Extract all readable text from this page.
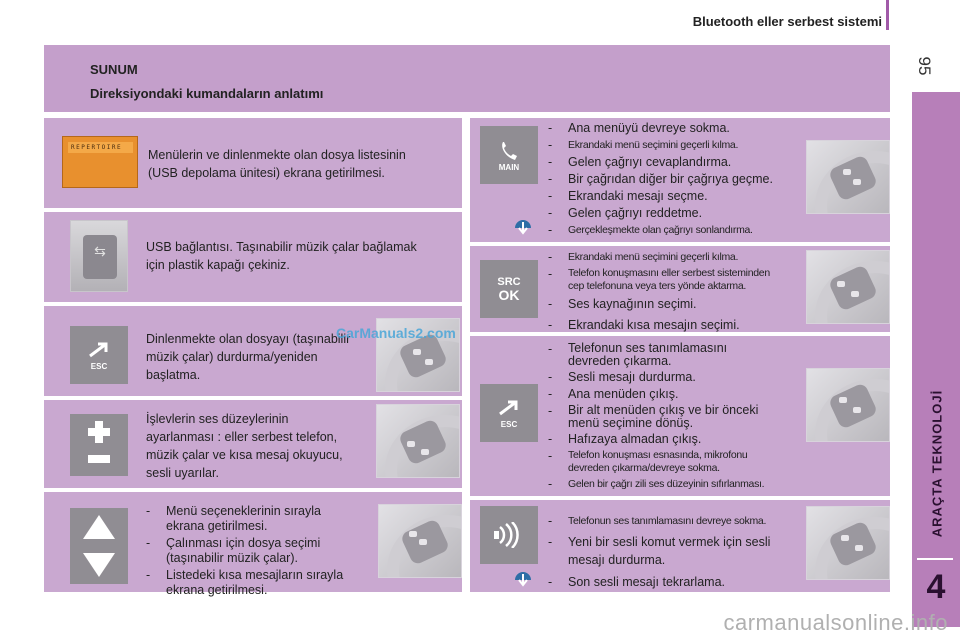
Bluetooth eller serbest sistemi
95
ARAÇTA TEKNOLOJİ
4
SUNUM
Direksiyondaki kumandaların anlatımı
REPERTOIRE
Menülerin ve dinlenmekte olan dosya listesinin
(USB depolama ünitesi) ekrana getirilmesi.
⇆	USB bağlantısı. Taşınabilir müzik çalar bağlamak
için plastik kapağı çekiniz.
ESC
Dinlenmekte olan dosyayı (taşınabilir
müzik çalar) durdurma/yeniden
başlatma.
İşlevlerin ses düzeylerinin
ayarlanması : eller serbest telefon,
müzik çalar ve kısa mesaj okuyucu,
sesli uyarılar.
-	Menü seçeneklerinin sırayla
ekrana getirilmesi.
-	Çalınması için dosya seçimi
(taşınabilir müzik çalar).
-	Listedeki kısa mesajların sırayla
ekrana getirilmesi.
MAIN
-	Ana menüyü devreye sokma.
-	Ekrandaki menü seçimini geçerli kılma.
-	Gelen çağrıyı cevaplandırma.
-	Bir çağrıdan diğer bir çağrıya geçme.
-	Ekrandaki mesajı seçme.
-	Gelen çağrıyı reddetme.
-	Gerçekleşmekte olan çağrıyı sonlandırma.
SRC
OK
-	Ekrandaki menü seçimini geçerli kılma.
-	Telefon konuşmasını eller serbest sisteminden
cep telefonuna veya ters yönde aktarma.
-	Ses kaynağının seçimi.
-	Ekrandaki kısa mesajın seçimi.
ESC
-	Telefonun ses tanımlamasını
devreden çıkarma.
-	Sesli mesajı durdurma.
-	Ana menüden çıkış.
-	Bir alt menüden çıkış ve bir önceki
menü seçimine dönüş.
-	Hafızaya almadan çıkış.
-	Telefon konuşması esnasında, mikrofonu
devreden çıkarma/devreye sokma.
-	Gelen bir çağrı zili ses düzeyinin sıfırlanması.
-	Telefonun ses tanımlamasını devreye sokma.
-	Yeni bir sesli komut vermek için sesli
mesajı durdurma.
-	Son sesli mesajı tekrarlama.
CarManuals2.com
carmanualsonline.info
